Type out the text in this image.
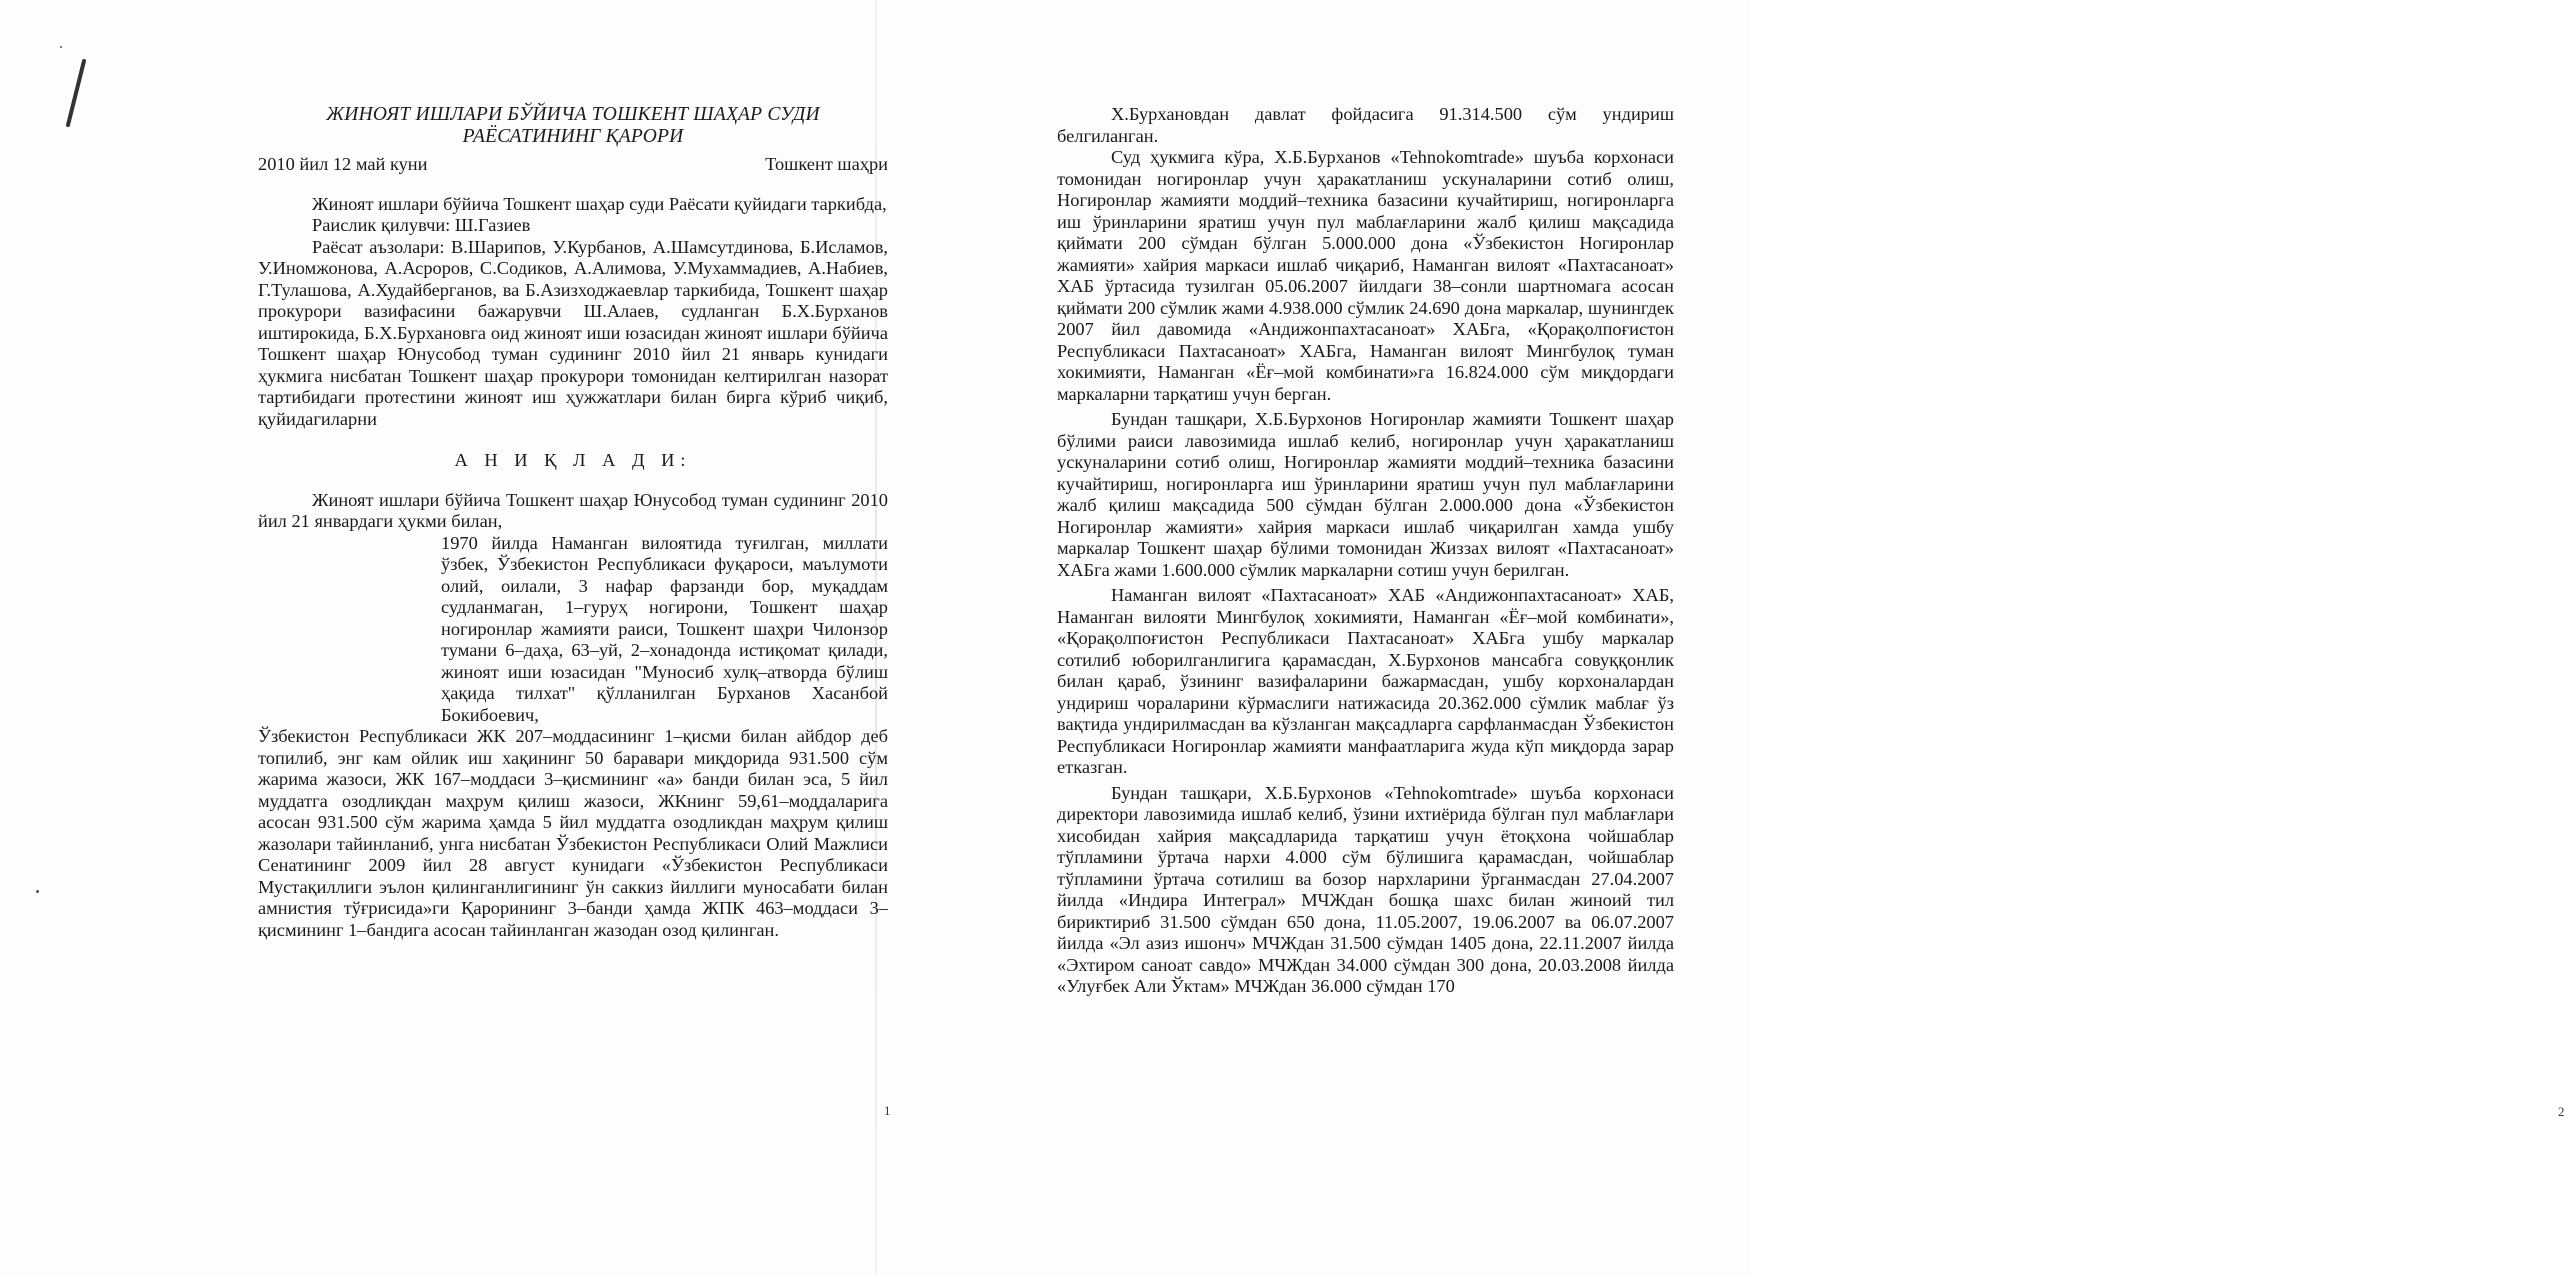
ЖИНОЯТ ИШЛАРИ БЎЙИЧА ТОШКЕНТ ШАҲАР СУДИ
РАЁСАТИНИНГ ҚАРОРИ
2010 йил 12 май куни	Тошкент шаҳри

Жиноят ишлари бўйича Тошкент шаҳар суди Раёсати қуйидаги таркибда,

Раислик қилувчи: Ш.Газиев

Раёсат аъзолари: В.Шарипов, У.Курбанов, А.Шамсутдинова, Б.Исламов, У.Иномжонова, А.Асроров, С.Содиков, А.Алимова, У.Мухаммадиев, А.Набиев, Г.Тулашова, А.Худайберганов, ва Б.Азизходжаевлар таркибида, Тошкент шаҳар прокурори вазифасини бажарувчи Ш.Алаев, судланган Б.Х.Бурханов иштирокида, Б.Х.Бурхановга оид жиноят иши юзасидан жиноят ишлари бўйича Тошкент шаҳар Юнусобод туман судининг 2010 йил 21 январь кунидаги ҳукмига нисбатан Тошкент шаҳар прокурори томонидан келтирилган назорат тартибидаги протестини жиноят иш ҳужжатлари билан бирга кўриб чиқиб, қуйидагиларни

А Н И Қ Л А Д И:

Жиноят ишлари бўйича Тошкент шаҳар Юнусобод туман судининг 2010 йил 21 январдаги ҳукми билан,

1970 йилда Наманган вилоятида туғилган, миллати ўзбек, Ўзбекистон Республикаси фуқароси, маълумоти олий, оилали, 3 нафар фарзанди бор, муқаддам судланмаган, 1–гуруҳ ногирони, Тошкент шаҳар ногиронлар жамияти раиси, Тошкент шаҳри Чилонзор тумани 6–даҳа, 63–уй, 2–хонадонда истиқомат қилади, жиноят иши юзасидан "Муносиб хулқ–атворда бўлиш ҳақида тилхат" қўлланилган Бурханов Хасанбой Бокибоевич,

Ўзбекистон Республикаси ЖК 207–моддасининг 1–қисми билан айбдор деб топилиб, энг кам ойлик иш хақининг 50 баравари миқдорида 931.500 сўм жарима жазоси, ЖК 167–моддаси 3–қисмининг «а» банди билан эса, 5 йил муддатга озодлиқдан маҳрум қилиш жазоси, ЖКнинг 59,61–моддаларига асосан 931.500 сўм жарима ҳамда 5 йил муддатга озодликдан маҳрум қилиш жазолари тайинланиб, унга нисбатан Ўзбекистон Республикаси Олий Мажлиси Сенатининг 2009 йил 28 август кунидаги «Ўзбекистон Республикаси Мустақиллиги эълон қилинганлигининг ўн саккиз йиллиги муносабати билан амнистия тўғрисида»ги Қарорининг 3–банди ҳамда ЖПК 463–моддаси 3–қисмининг 1–бандига асосан тайинланган жазодан озод қилинган.

1

Х.Бурхановдан давлат фойдасига 91.314.500 сўм ундириш белгиланган.

Суд ҳукмига кўра, Х.Б.Бурханов «Tehnokomtrade» шуъба корхонаси томонидан ногиронлар учун ҳаракатланиш ускуналарини сотиб олиш, Ногиронлар жамияти моддий–техника базасини кучайтириш, ногиронларга иш ўринларини яратиш учун пул маблағларини жалб қилиш мақсадида қиймати 200 сўмдан бўлган 5.000.000 дона «Ўзбекистон Ногиронлар жамияти» хайрия маркаси ишлаб чиқариб, Наманган вилоят «Пахтасаноат» ХАБ ўртасида тузилган 05.06.2007 йилдаги 38–сонли шартномага асосан қиймати 200 сўмлик жами 4.938.000 сўмлик 24.690 дона маркалар, шунингдек 2007 йил давомида «Андижонпахтасаноат» ХАБга, «Қорақолпоғистон Республикаси Пахтасаноат» ХАБга, Наманган вилоят Мингбулоқ туман хокимияти, Наманган «Ёғ–мой комбинати»га 16.824.000 сўм миқдордаги маркаларни тарқатиш учун берган.

Бундан ташқари, Х.Б.Бурхонов Ногиронлар жамияти Тошкент шаҳар бўлими раиси лавозимида ишлаб келиб, ногиронлар учун ҳаракатланиш ускуналарини сотиб олиш, Ногиронлар жамияти моддий–техника базасини кучайтириш, ногиронларга иш ўринларини яратиш учун пул маблағларини жалб қилиш мақсадида 500 сўмдан бўлган 2.000.000 дона «Ўзбекистон Ногиронлар жамияти» хайрия маркаси ишлаб чиқарилган хамда ушбу маркалар Тошкент шаҳар бўлими томонидан Жиззах вилоят «Пахтасаноат» ХАБга жами 1.600.000 сўмлик маркаларни сотиш учун берилган.

Наманган вилоят «Пахтасаноат» ХАБ «Андижонпахтасаноат» ХАБ, Наманган вилояти Мингбулоқ хокимияти, Наманган «Ёғ–мой комбинати», «Қорақолпоғистон Республикаси Пахтасаноат» ХАБга ушбу маркалар сотилиб юборилганлигига қарамасдан, Х.Бурхонов мансабга совуққонлик билан қараб, ўзининг вазифаларини бажармасдан, ушбу корхоналардан ундириш чораларини кўрмаслиги натижасида 20.362.000 сўмлик маблағ ўз вақтида ундирилмасдан ва кўзланган мақсадларга сарфланмасдан Ўзбекистон Республикаси Ногиронлар жамияти манфаатларига жуда кўп миқдорда зарар етказган.

Бундан ташқари, Х.Б.Бурхонов «Tehnokomtrade» шуъба корхонаси директори лавозимида ишлаб келиб, ўзини ихтиёрида бўлган пул маблағлари хисобидан хайрия мақсадларида тарқатиш учун ётоқхона чойшаблар тўпламини ўртача нархи 4.000 сўм бўлишига қарамасдан, чойшаблар тўпламини ўртача сотилиш ва бозор нархларини ўрганмасдан 27.04.2007 йилда «Индира Интеграл» МЧЖдан бошқа шахс билан жиноий тил бириктириб 31.500 сўмдан 650 дона, 11.05.2007, 19.06.2007 ва 06.07.2007 йилда «Эл азиз ишонч» МЧЖдан 31.500 сўмдан 1405 дона, 22.11.2007 йилда «Эхтиром саноат савдо» МЧЖдан 34.000 сўмдан 300 дона, 20.03.2008 йилда «Улуғбек Али Ўктам» МЧЖдан 36.000 сўмдан 170

2
